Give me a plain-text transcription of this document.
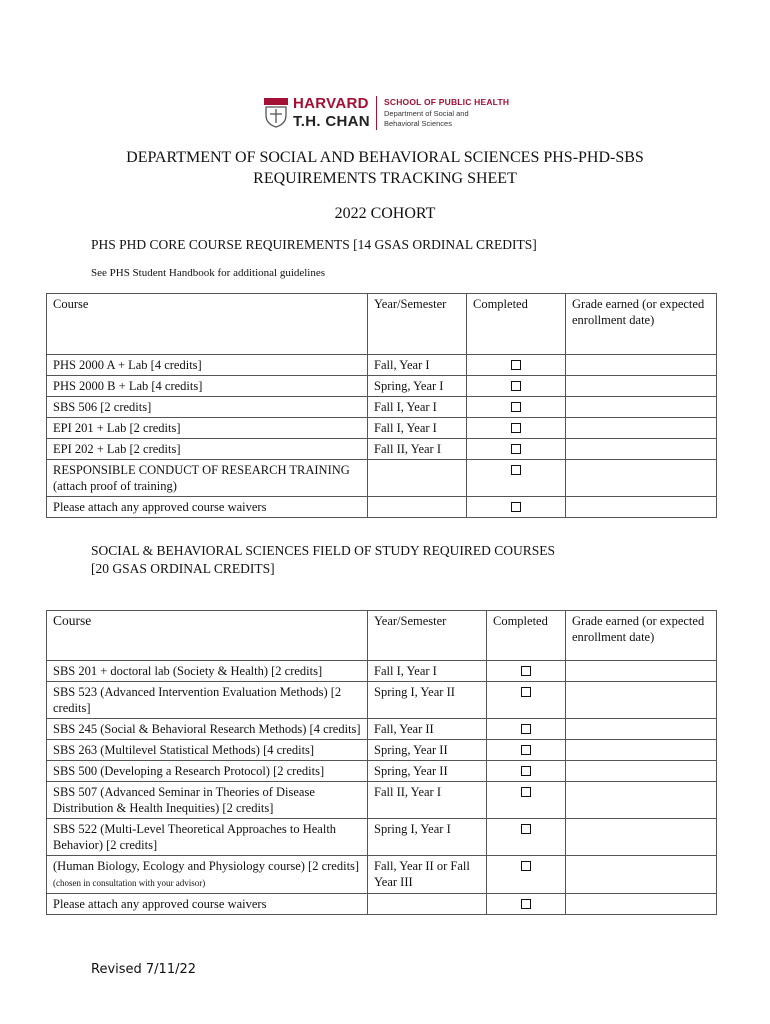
HARVARD
T.H. CHAN
SCHOOL OF PUBLIC HEALTH
Department of Social and
Behavioral Sciences
DEPARTMENT OF SOCIAL AND BEHAVIORAL SCIENCES PHS-PHD-SBS
REQUIREMENTS TRACKING SHEET
2022 COHORT
PHS PHD CORE COURSE REQUIREMENTS [14 GSAS ORDINAL CREDITS]
See PHS Student Handbook for additional guidelines
Course	Year/Semester	Completed	Grade earned (or expected enrollment date)
PHS 2000 A + Lab [4 credits]	Fall, Year I	

PHS 2000 B + Lab [4 credits]	Spring, Year I	

SBS 506 [2 credits]	Fall I, Year I	

EPI 201 + Lab [2 credits]	Fall I, Year I	

EPI 202 + Lab [2 credits]	Fall II, Year I	

RESPONSIBLE CONDUCT OF RESEARCH TRAINING (attach proof of training)		

Please attach any approved course waivers		

SOCIAL & BEHAVIORAL SCIENCES FIELD OF STUDY REQUIRED COURSES
[20 GSAS ORDINAL CREDITS]
Course	Year/Semester	Completed	Grade earned (or expected enrollment date)
SBS 201 + doctoral lab (Society & Health) [2 credits]	Fall I, Year I	

SBS 523 (Advanced Intervention Evaluation Methods) [2 credits]	Spring I, Year II	

SBS 245 (Social & Behavioral Research Methods) [4 credits]	Fall, Year II	

SBS 263 (Multilevel Statistical Methods) [4 credits]	Spring, Year II	

SBS 500 (Developing a Research Protocol) [2 credits]	Spring, Year II	

SBS 507 (Advanced Seminar in Theories of Disease Distribution & Health Inequities) [2 credits]	Fall II, Year I	

SBS 522 (Multi-Level Theoretical Approaches to Health Behavior) [2 credits]	Spring I, Year I	

(Human Biology, Ecology and Physiology course) [2 credits] (chosen in consultation with your advisor)	Fall, Year II or Fall Year III	

Please attach any approved course waivers		

Revised 7/11/22
